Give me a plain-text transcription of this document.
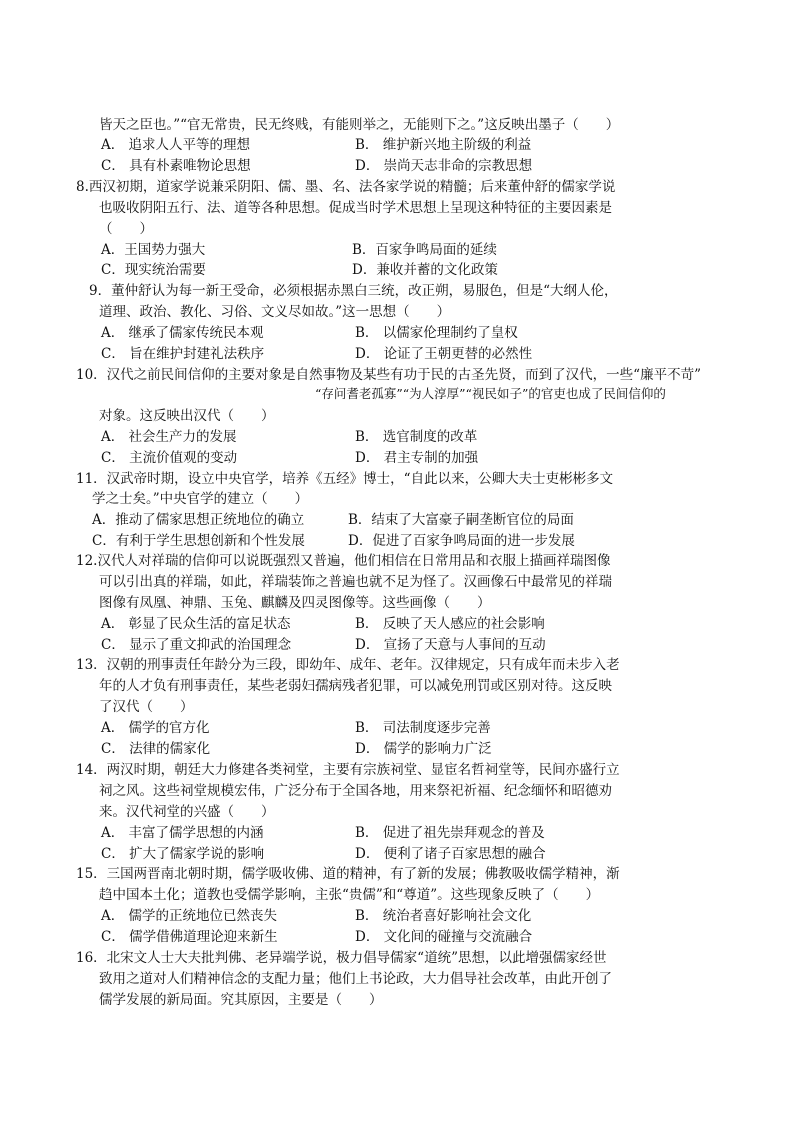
皆天之臣也。”“官无常贵，民无终贱，有能则举之，无能则下之。”这反映出墨子（　　）
A． 追求人人平等的理想	B． 维护新兴地主阶级的利益
C． 具有朴素唯物论思想	D． 崇尚天志非命的宗教思想
8.西汉初期，道家学说兼采阴阳、儒、墨、名、法各家学说的精髓；后来董仲舒的儒家学说
也吸收阴阳五行、法、道等各种思想。促成当时学术思想上呈现这种特征的主要因素是
（　　）
A．王国势力强大	B．百家争鸣局面的延续
C．现实统治需要	D．兼收并蓄的文化政策
9．董仲舒认为每一新王受命，必须根据赤黑白三统，改正朔，易服色，但是“大纲人伦，
道理、政治、教化、习俗、文义尽如故。”这一思想（　　）
A． 继承了儒家传统民本观	B． 以儒家伦理制约了皇权
C． 旨在维护封建礼法秩序	D． 论证了王朝更替的必然性
10．汉代之前民间信仰的主要对象是自然事物及某些有功于民的古圣先贤，而到了汉代，一些“廉平不苛”
“存问耆老孤寡”“为人淳厚”“视民如子”的官吏也成了民间信仰的
对象。这反映出汉代（　　）
A． 社会生产力的发展	B． 选官制度的改革
C． 主流价值观的变动	D． 君主专制的加强
11．汉武帝时期，设立中央官学，培养《五经》博士，“自此以来，公卿大夫士吏彬彬多文
学之士矣。”中央官学的建立（　　）
A．推动了儒家思想正统地位的确立	B．结束了大富豪子嗣垄断官位的局面
C．有利于学生思想创新和个性发展	D．促进了百家争鸣局面的进一步发展
12.汉代人对祥瑞的信仰可以说既强烈又普遍，他们相信在日常用品和衣服上描画祥瑞图像
可以引出真的祥瑞，如此，祥瑞装饰之普遍也就不足为怪了。汉画像石中最常见的祥瑞
图像有凤凰、神鼎、玉兔、麒麟及四灵图像等。这些画像（　　）
A． 彰显了民众生活的富足状态	B． 反映了天人感应的社会影响
C． 显示了重文抑武的治国理念	D． 宣扬了天意与人事间的互动
13．汉朝的刑事责任年龄分为三段，即幼年、成年、老年。汉律规定，只有成年而未步入老
年的人才负有刑事责任，某些老弱妇孺病残者犯罪，可以减免刑罚或区别对待。这反映
了汉代（　　）
A． 儒学的官方化	B． 司法制度逐步完善
C． 法律的儒家化	D． 儒学的影响力广泛
14．两汉时期，朝廷大力修建各类祠堂，主要有宗族祠堂、显宦名哲祠堂等，民间亦盛行立
祠之风。这些祠堂规模宏伟，广泛分布于全国各地，用来祭祀祈福、纪念缅怀和昭德劝
来。汉代祠堂的兴盛（　　）
A． 丰富了儒学思想的内涵	B． 促进了祖先崇拜观念的普及
C． 扩大了儒家学说的影响	D． 便利了诸子百家思想的融合
15．三国两晋南北朝时期，儒学吸收佛、道的精神，有了新的发展；佛教吸收儒学精神，渐
趋中国本土化；道教也受儒学影响，主张“贵儒”和“尊道”。这些现象反映了（　　）
A． 儒学的正统地位已然丧失	B． 统治者喜好影响社会文化
C． 儒学借佛道理论迎来新生	D． 文化间的碰撞与交流融合
16．北宋文人士大夫批判佛、老异端学说，极力倡导儒家“道统”思想，以此增强儒家经世
致用之道对人们精神信念的支配力量；他们上书论政，大力倡导社会改革，由此开创了
儒学发展的新局面。究其原因，主要是（　　）
